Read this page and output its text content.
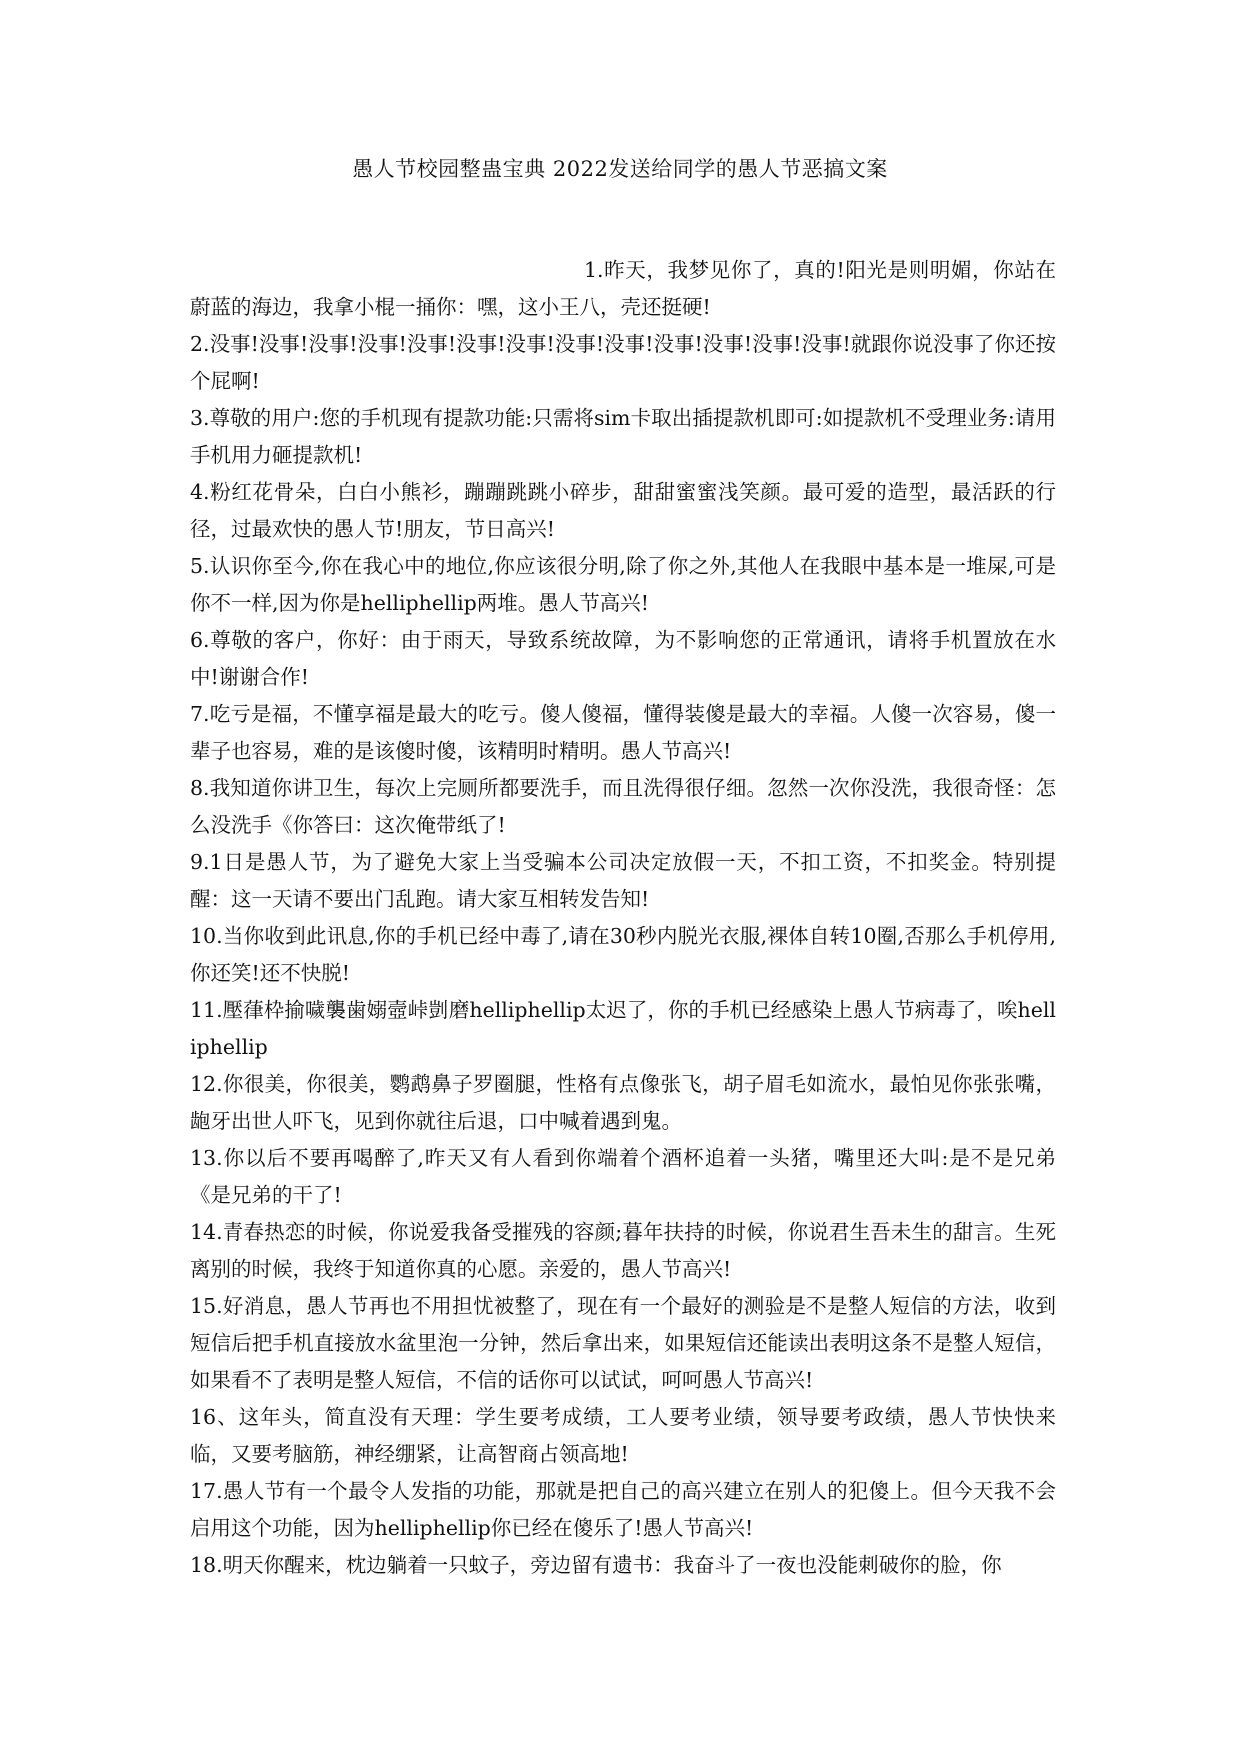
愚人节校园整蛊宝典 2022发送给同学的愚人节恶搞文案

1.昨天，我梦见你了，真的!阳光是则明媚，你站在蔚蓝的海边，我拿小棍一捅你：嘿，这小王八，壳还挺硬!

2.没事!没事!没事!没事!没事!没事!没事!没事!没事!没事!没事!没事!没事!就跟你说没事了你还按个屁啊!

3.尊敬的用户:您的手机现有提款功能:只需将sim卡取出插提款机即可:如提款机不受理业务:请用手机用力砸提款机!

4.粉红花骨朵，白白小熊衫，蹦蹦跳跳小碎步，甜甜蜜蜜浅笑颜。最可爱的造型，最活跃的行径，过最欢快的愚人节!朋友，节日高兴!

5.认识你至今,你在我心中的地位,你应该很分明,除了你之外,其他人在我眼中基本是一堆屎,可是你不一样,因为你是helliphellip两堆。愚人节高兴!

6.尊敬的客户，你好：由于雨天，导致系统故障，为不影响您的正常通讯，请将手机置放在水中!谢谢合作!

7.吃亏是福，不懂享福是最大的吃亏。傻人傻福，懂得装傻是最大的幸福。人傻一次容易，傻一辈子也容易，难的是该傻时傻，该精明时精明。愚人节高兴!

8.我知道你讲卫生，每次上完厕所都要洗手，而且洗得很仔细。忽然一次你没洗，我很奇怪：怎么没洗手《你答曰：这次俺带纸了!

9.1日是愚人节，为了避免大家上当受骗本公司决定放假一天，不扣工资，不扣奖金。特别提醒：这一天请不要出门乱跑。请大家互相转发告知!

10.当你收到此讯息,你的手机已经中毒了,请在30秒内脱光衣服,裸体自转10圈,否那么手机停用,你还笑!还不快脱!

11.壓葎枠揄噦襲歯嫋壼峠剴磨helliphellip太迟了，你的手机已经感染上愚人节病毒了，唉helliphellip

12.你很美，你很美，鹦鹉鼻子罗圈腿，性格有点像张飞，胡子眉毛如流水，最怕见你张张嘴，龅牙出世人吓飞，见到你就往后退，口中喊着遇到鬼。

13.你以后不要再喝醉了,昨天又有人看到你端着个酒杯追着一头猪，嘴里还大叫:是不是兄弟《是兄弟的干了!

14.青春热恋的时候，你说爱我备受摧残的容颜;暮年扶持的时候，你说君生吾未生的甜言。生死离别的时候，我终于知道你真的心愿。亲爱的，愚人节高兴!

15.好消息，愚人节再也不用担忧被整了，现在有一个最好的测验是不是整人短信的方法，收到短信后把手机直接放水盆里泡一分钟，然后拿出来，如果短信还能读出表明这条不是整人短信，如果看不了表明是整人短信，不信的话你可以试试，呵呵愚人节高兴!

16、这年头，简直没有天理：学生要考成绩，工人要考业绩，领导要考政绩，愚人节快快来临，又要考脑筋，神经绷紧，让高智商占领高地!

17.愚人节有一个最令人发指的功能，那就是把自己的高兴建立在别人的犯傻上。但今天我不会启用这个功能，因为helliphellip你已经在傻乐了!愚人节高兴!

18.明天你醒来，枕边躺着一只蚊子，旁边留有遗书：我奋斗了一夜也没能刺破你的脸，你
